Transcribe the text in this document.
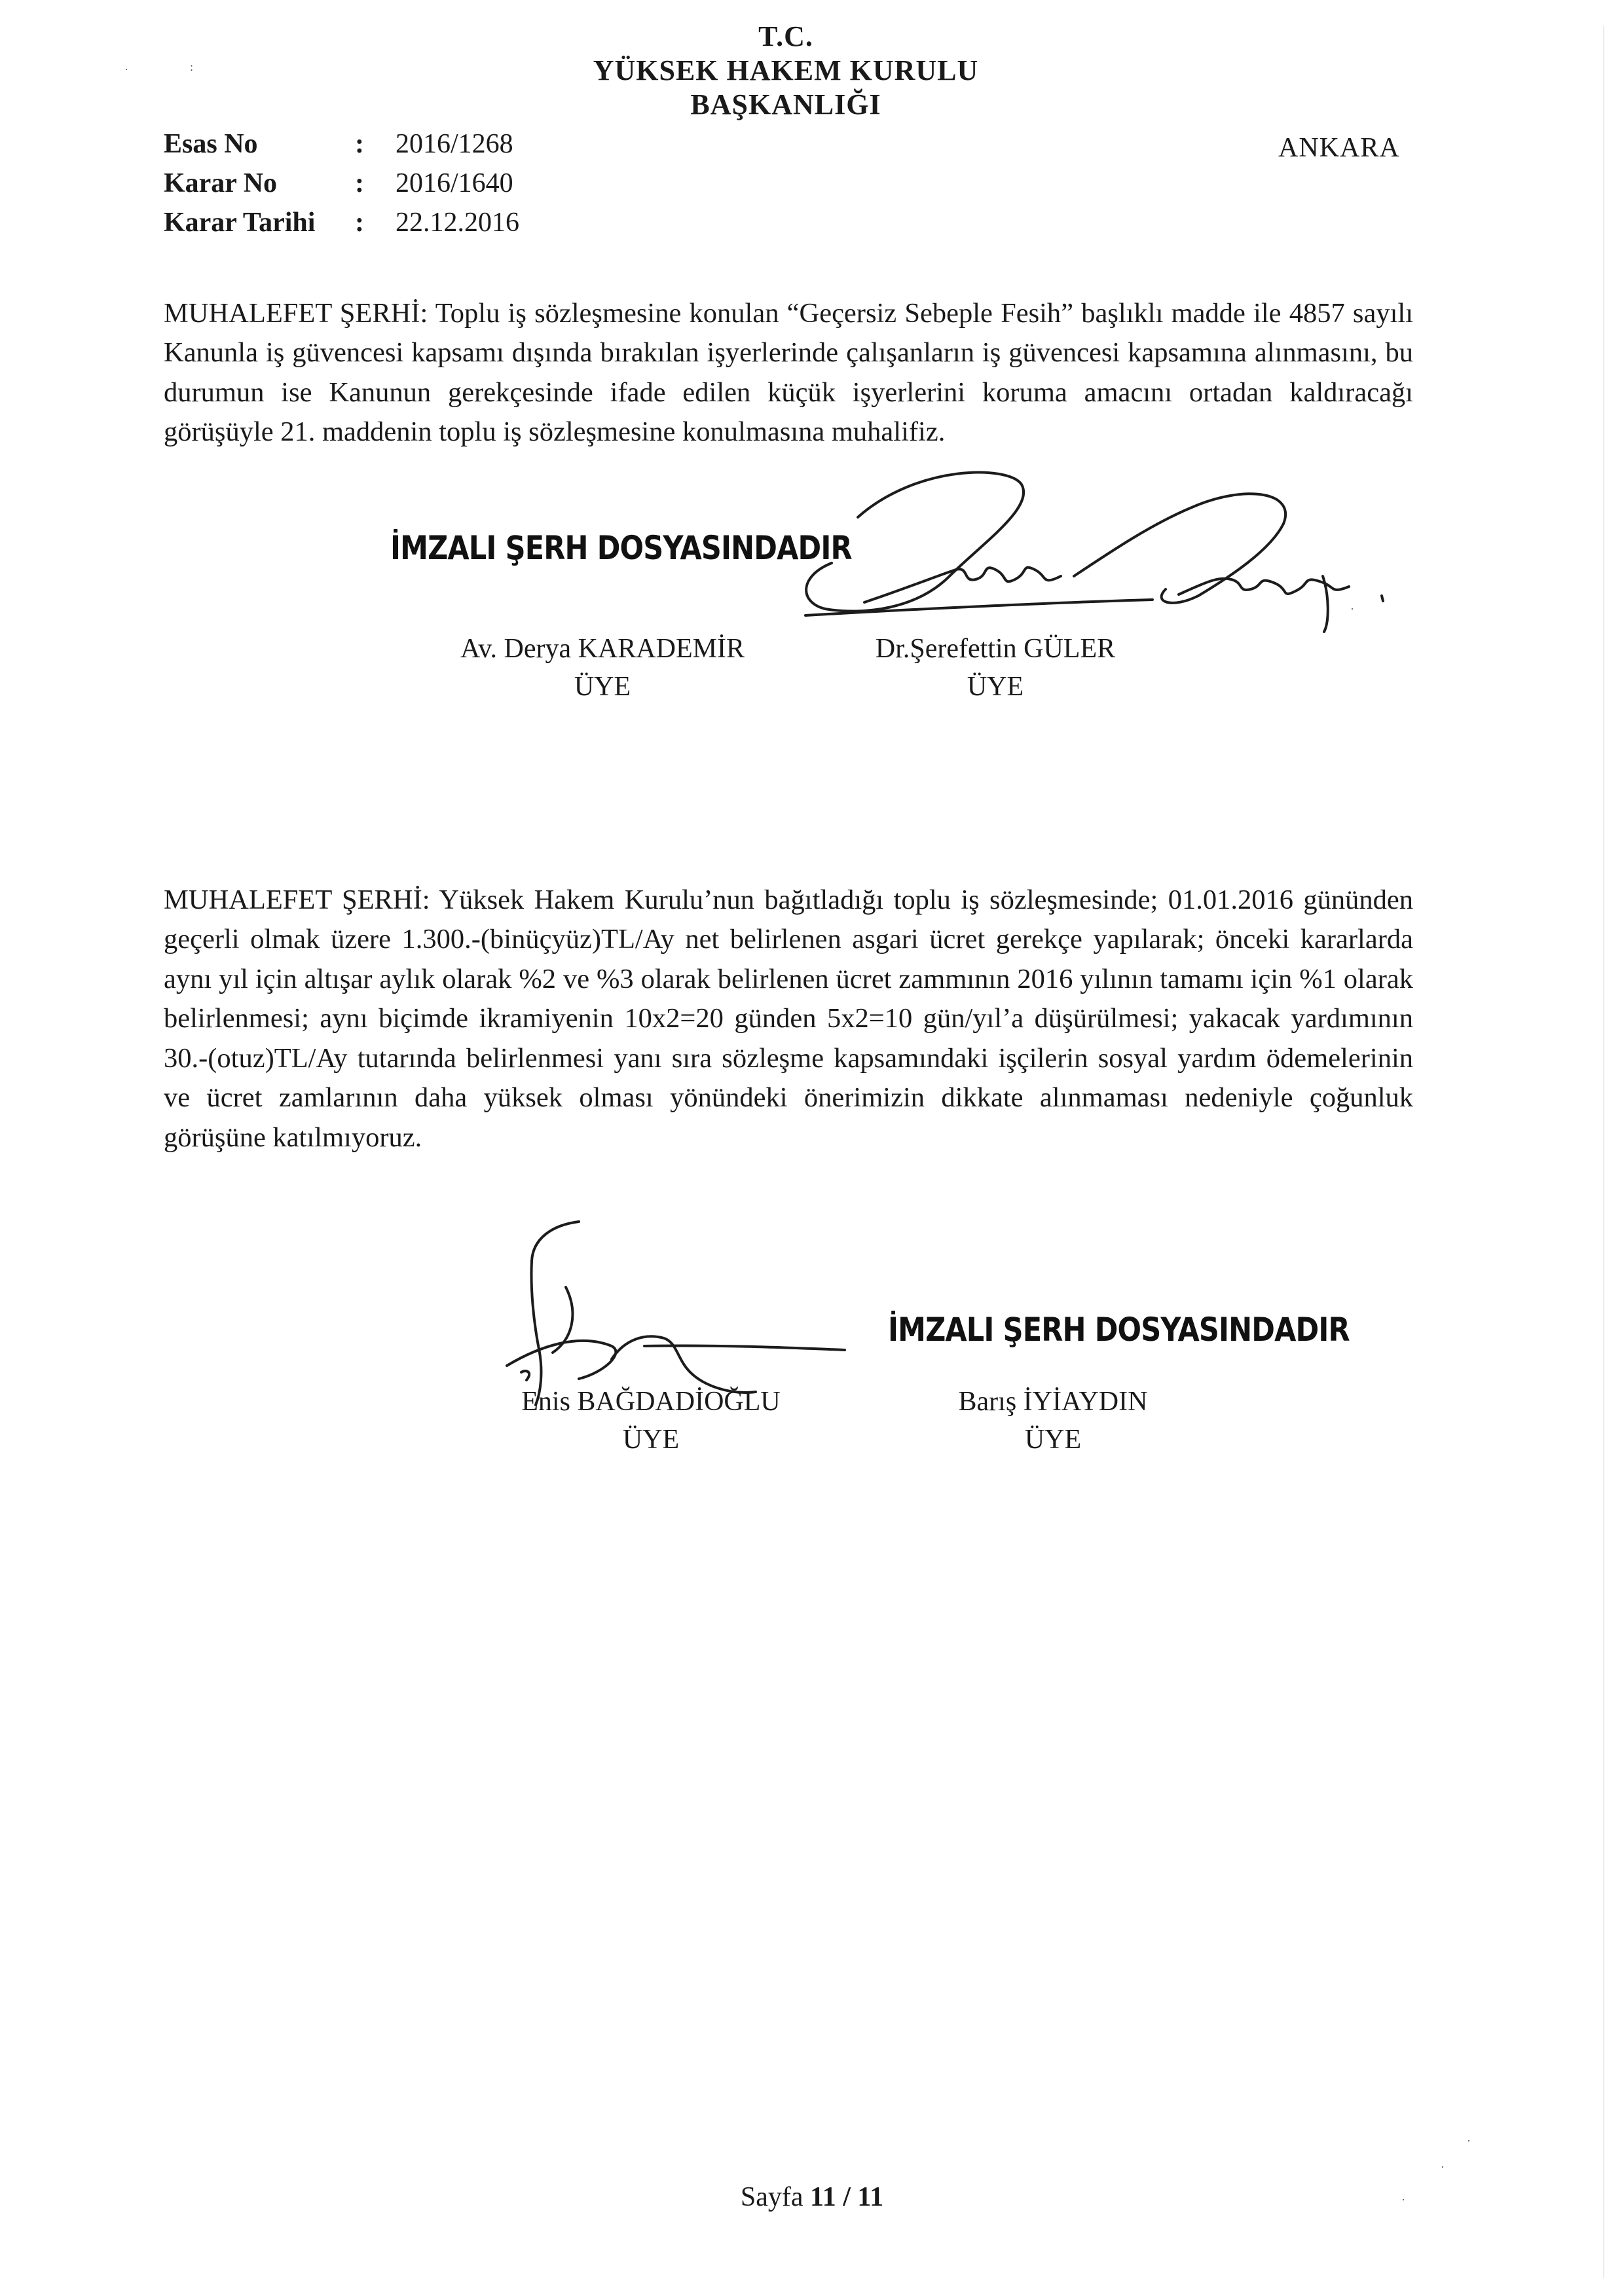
T.C.
YÜKSEK HAKEM KURULU
BAŞKANLIĞI
Esas No	:	2016/1268
Karar No	:	2016/1640
Karar Tarihi	:	22.12.2016
ANKARA

MUHALEFET ŞERHİ: Toplu iş sözleşmesine konulan “Geçersiz Sebeple Fesih” başlıklı madde ile 4857 sayılı Kanunla iş güvencesi kapsamı dışında bırakılan işyerlerinde çalışanların iş güvencesi kapsamına alınmasını, bu durumun ise Kanunun gerekçesinde ifade edilen küçük işyerlerini koruma amacını ortadan kaldıracağı görüşüyle 21. maddenin toplu iş sözleşmesine konulmasına muhalifiz.

İMZALI ŞERH DOSYASINDADIR
Av. Derya KARADEMİR
ÜYE
Dr.Şerefettin GÜLER
ÜYE

MUHALEFET ŞERHİ: Yüksek Hakem Kurulu’nun bağıtladığı toplu iş sözleşmesinde; 01.01.2016 gününden geçerli olmak üzere 1.300.-(binüçyüz)TL/Ay net belirlenen asgari ücret gerekçe yapılarak; önceki kararlarda aynı yıl için altışar aylık olarak %2 ve %3 olarak belirlenen ücret zammının 2016 yılının tamamı için %1 olarak belirlenmesi; aynı biçimde ikramiyenin 10x2=20 günden 5x2=10 gün/yıl’a düşürülmesi; yakacak yardımının 30.-(otuz)TL/Ay tutarında belirlenmesi yanı sıra sözleşme kapsamındaki işçilerin sosyal yardım ödemelerinin ve ücret zamlarının daha yüksek olması yönündeki önerimizin dikkate alınmaması nedeniyle çoğunluk görüşüne katılmıyoruz.

İMZALI ŞERH DOSYASINDADIR
Enis BAĞDADİOĞLU
ÜYE
Barış İYİAYDIN
ÜYE
Sayfa 11 / 11
·	:
·
·
·
·
